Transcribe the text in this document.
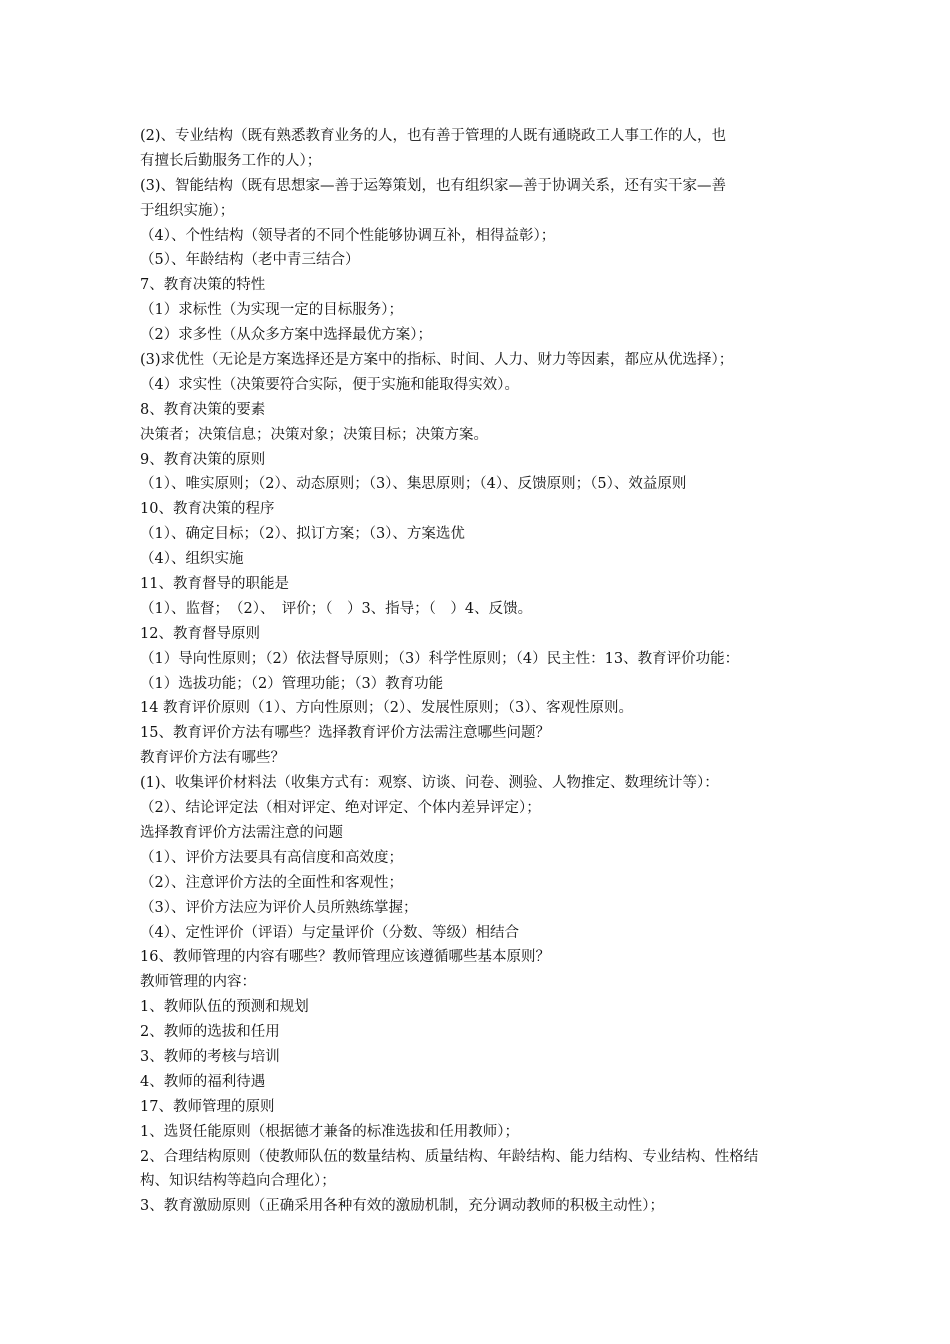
(2)、专业结构（既有熟悉教育业务的人，也有善于管理的人既有通晓政工人事工作的人，也
有擅长后勤服务工作的人）；
(3)、智能结构（既有思想家—善于运筹策划，也有组织家—善于协调关系，还有实干家—善
于组织实施）；
（4）、个性结构（领导者的不同个性能够协调互补，相得益彰）；
（5）、年龄结构（老中青三结合）
7、教育决策的特性
（1）求标性（为实现一定的目标服务）；
（2）求多性（从众多方案中选择最优方案）；
(3)求优性（无论是方案选择还是方案中的指标、时间、人力、财力等因素，都应从优选择）；
（4）求实性（决策要符合实际，便于实施和能取得实效）。
8、教育决策的要素
决策者；决策信息；决策对象；决策目标；决策方案。
9、教育决策的原则
（1）、唯实原则；（2）、动态原则；（3）、集思原则；（4）、反馈原则；（5）、效益原则
10、教育决策的程序
（1）、确定目标；（2）、拟订方案；（3）、方案选优
（4）、组织实施
11、教育督导的职能是
（1）、监督；　（2）、　评价；（　）3、指导；（　）4、反馈。
12、教育督导原则
（1）导向性原则；（2）依法督导原则；（3）科学性原则；（4）民主性：13、教育评价功能：
（1）选拔功能；（2）管理功能；（3）教育功能
14 教育评价原则（1）、方向性原则；（2）、发展性原则；（3）、客观性原则。
15、教育评价方法有哪些？选择教育评价方法需注意哪些问题？
教育评价方法有哪些？
(1)、收集评价材料法（收集方式有：观察、访谈、问卷、测验、人物推定、数理统计等）：
（2）、结论评定法（相对评定、绝对评定、个体内差异评定）；
选择教育评价方法需注意的问题
（1）、评价方法要具有高信度和高效度；
（2）、注意评价方法的全面性和客观性；
（3）、评价方法应为评价人员所熟练掌握；
（4）、定性评价（评语）与定量评价（分数、等级）相结合
16、教师管理的内容有哪些？教师管理应该遵循哪些基本原则？
教师管理的内容：
1、教师队伍的预测和规划
2、教师的选拔和任用
3、教师的考核与培训
4、教师的福利待遇
17、教师管理的原则
1、选贤任能原则（根据德才兼备的标准选拔和任用教师）；
2、合理结构原则（使教师队伍的数量结构、质量结构、年龄结构、能力结构、专业结构、性格结
构、知识结构等趋向合理化）；
3、教育激励原则（正确采用各种有效的激励机制，充分调动教师的积极主动性）；
